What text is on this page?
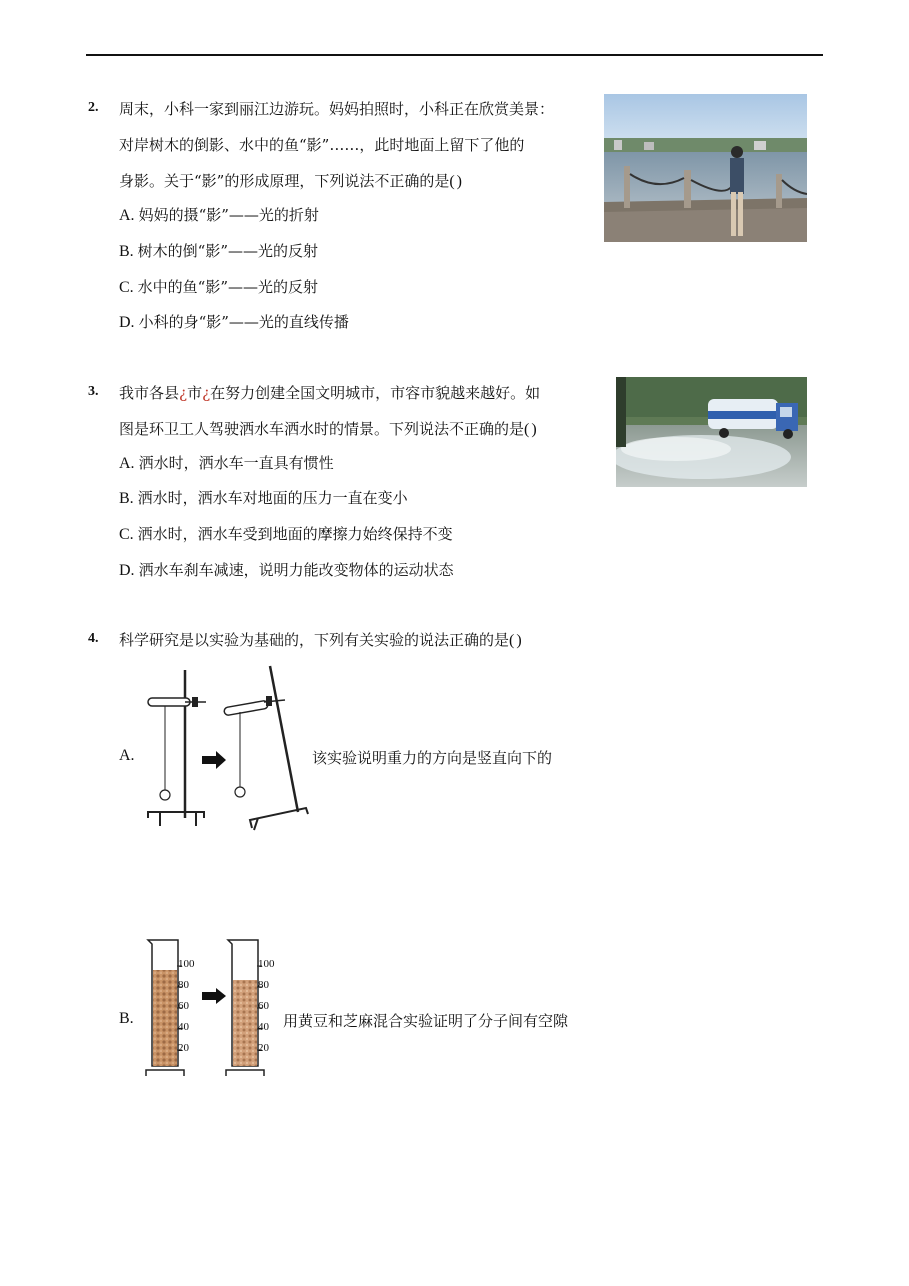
2. 周末，小科一家到丽江边游玩。妈妈拍照时，小科正在欣赏美景：
对岸树木的倒影、水中的鱼“影”……，此时地面上留下了他的
身影。关于“影”的形成原理，下列说法不正确的是()
A. 妈妈的摄“影”——光的折射
B. 树木的倒“影”——光的反射
C. 水中的鱼“影”——光的反射
D. 小科的身“影”——光的直线传播
3. 我市各县¿市¿在努力创建全国文明城市，市容市貌越来越好。如
图是环卫工人驾驶洒水车洒水时的情景。下列说法不正确的是()
A. 洒水时，洒水车一直具有惯性
B. 洒水时，洒水车对地面的压力一直在变小
C. 洒水时，洒水车受到地面的摩擦力始终保持不变
D. 洒水车刹车减速，说明力能改变物体的运动状态
4. 科学研究是以实验为基础的，下列有关实验的说法正确的是()
A.	该实验说明重力的方向是竖直向下的
B.
100
80
60
40
20
100
80
60
40
20
用黄豆和芝麻混合实验证明了分子间有空隙
